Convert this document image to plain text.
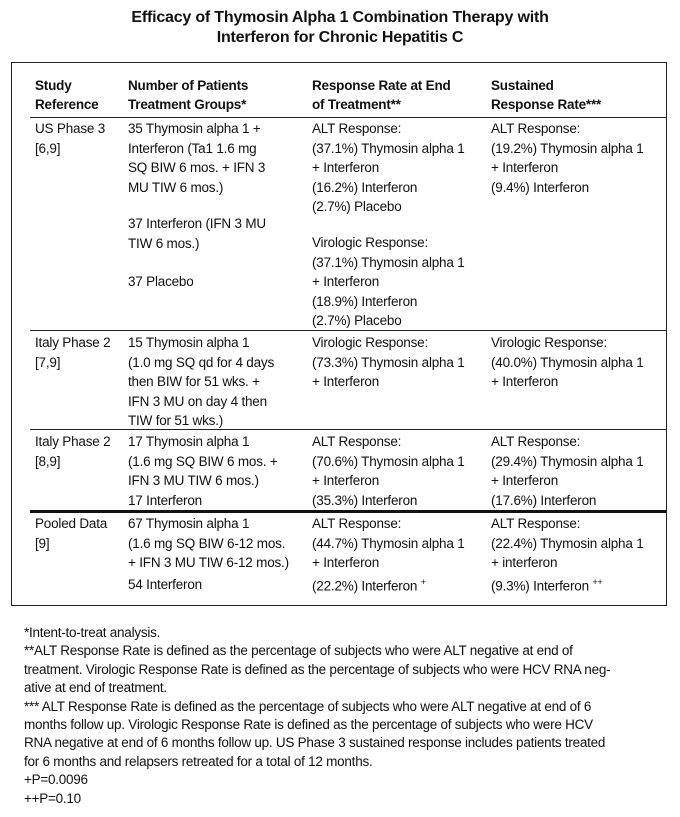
Efficacy of Thymosin Alpha 1 Combination Therapy with
Interferon for Chronic Hepatitis C
Study
Reference
Number of Patients
Treatment Groups*
Response Rate at End
of Treatment**
Sustained
Response Rate***
US Phase 3
[6,9]
35 Thymosin alpha 1 +
Interferon (Ta1 1.6 mg
SQ BIW 6 mos. + IFN 3
MU TIW 6 mos.)
37 Interferon (IFN 3 MU
TIW 6 mos.)
37 Placebo
ALT Response:
(37.1%) Thymosin alpha 1
+ Interferon
(16.2%) Interferon
(2.7%) Placebo
Virologic Response:
(37.1%) Thymosin alpha 1
+ Interferon
(18.9%) Interferon
(2.7%) Placebo
ALT Response:
(19.2%) Thymosin alpha 1
+ Interferon
(9.4%) Interferon
Italy Phase 2
[7,9]
15 Thymosin alpha 1
(1.0 mg SQ qd for 4 days
then BIW for 51 wks. +
IFN 3 MU on day 4 then
TIW for 51 wks.)
Virologic Response:
(73.3%) Thymosin alpha 1
+ Interferon
Virologic Response:
(40.0%) Thymosin alpha 1
+ Interferon
Italy Phase 2
[8,9]
17 Thymosin alpha 1
(1.6 mg SQ BIW 6 mos. +
IFN 3 MU TIW 6 mos.)
17 Interferon
ALT Response:
(70.6%) Thymosin alpha 1
+ Interferon
(35.3%) Interferon
ALT Response:
(29.4%) Thymosin alpha 1
+ Interferon
(17.6%) Interferon
Pooled Data
[9]
67 Thymosin alpha 1
(1.6 mg SQ BIW 6-12 mos.
+ IFN 3 MU TIW 6-12 mos.)
54 Interferon
ALT Response:
(44.7%) Thymosin alpha 1
+ Interferon
(22.2%) Interferon +
ALT Response:
(22.4%) Thymosin alpha 1
+ interferon
(9.3%) Interferon ++
*Intent-to-treat analysis.
**ALT Response Rate is defined as the percentage of subjects who were ALT negative at end of
treatment. Virologic Response Rate is defined as the percentage of subjects who were HCV RNA neg-
ative at end of treatment.
*** ALT Response Rate is defined as the percentage of subjects who were ALT negative at end of 6
months follow up. Virologic Response Rate is defined as the percentage of subjects who were HCV
RNA negative at end of 6 months follow up. US Phase 3 sustained response includes patients treated
for 6 months and relapsers retreated for a total of 12 months.
+P=0.0096
++P=0.10
